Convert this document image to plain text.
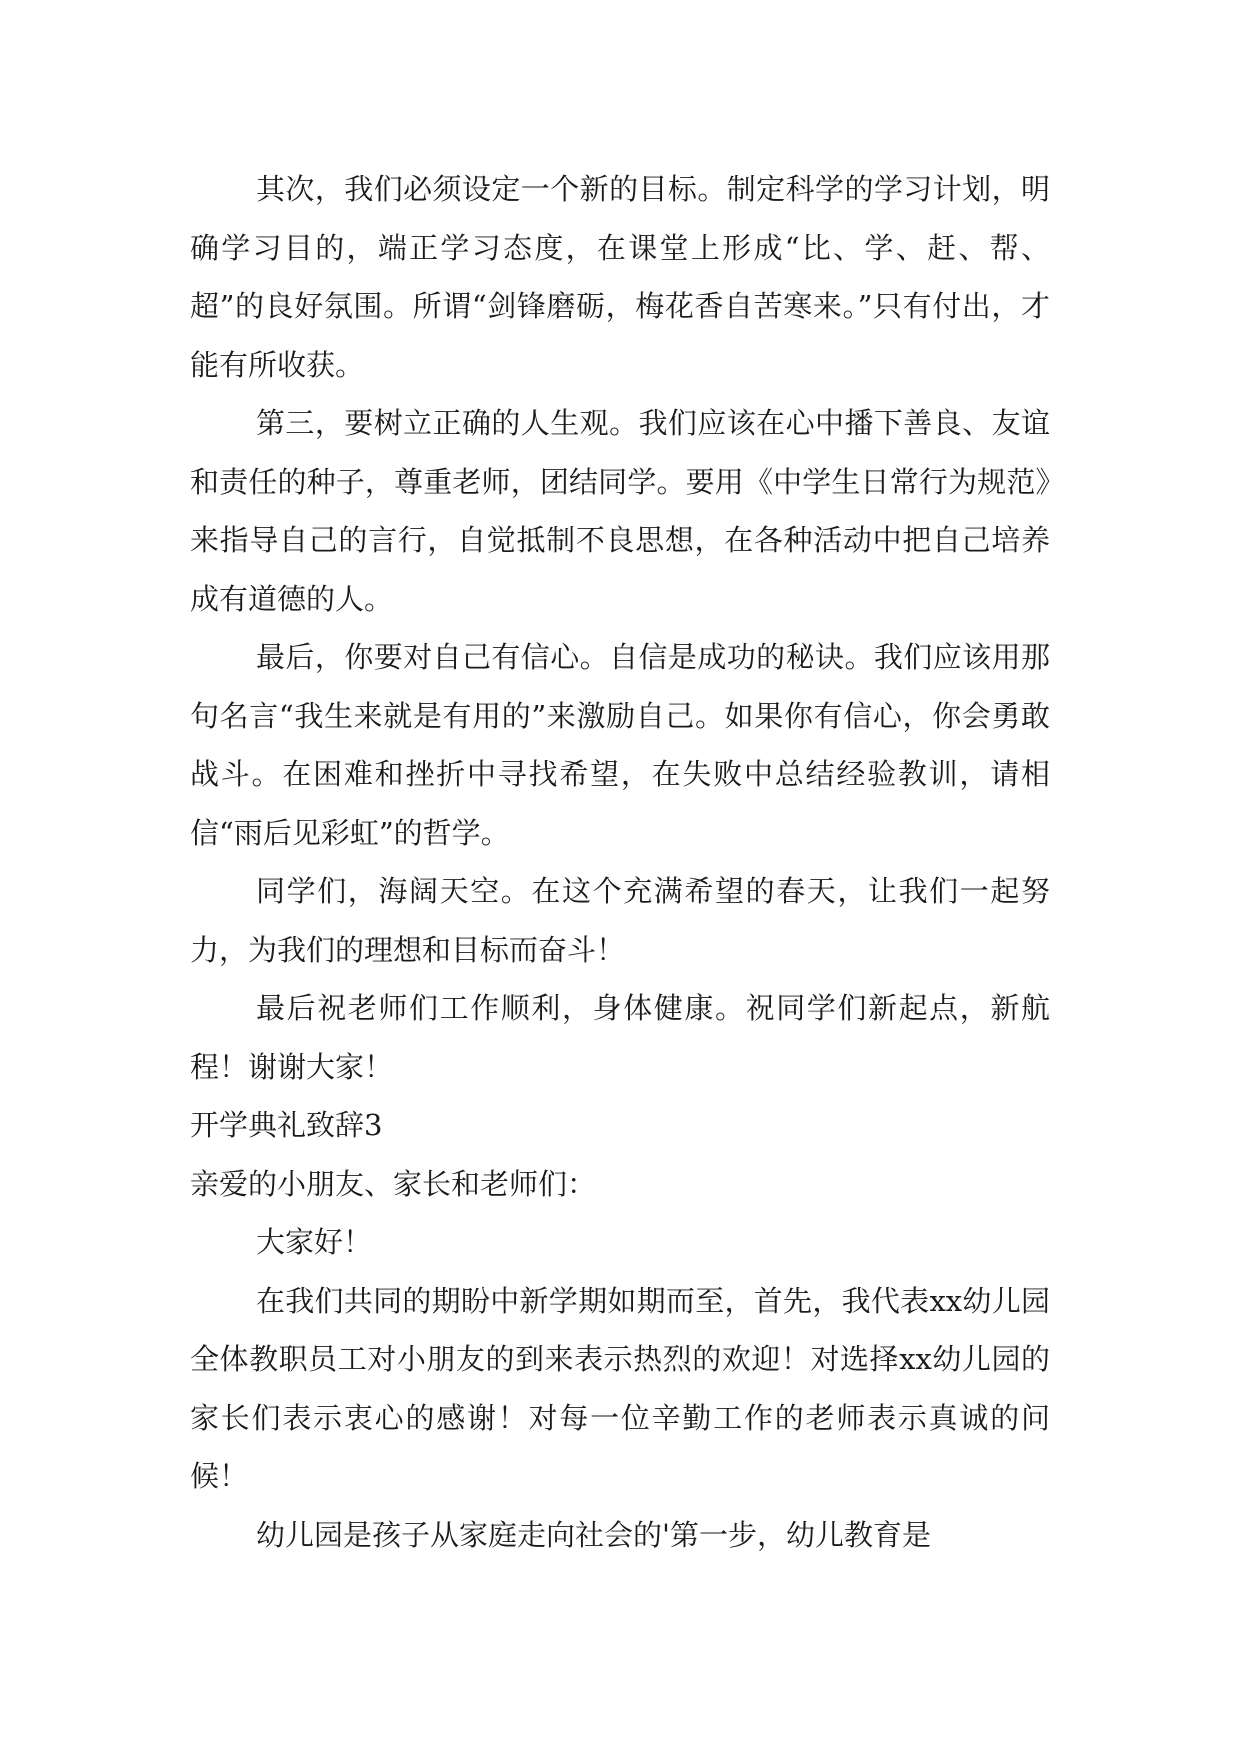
其次，我们必须设定一个新的目标。制定科学的学习计划，明确学习目的，端正学习态度，在课堂上形成“比、学、赶、帮、超”的良好氛围。所谓“剑锋磨砺，梅花香自苦寒来。”只有付出，才能有所收获。

第三，要树立正确的人生观。我们应该在心中播下善良、友谊和责任的种子，尊重老师，团结同学。要用《中学生日常行为规范》来指导自己的言行，自觉抵制不良思想，在各种活动中把自己培养成有道德的人。

最后，你要对自己有信心。自信是成功的秘诀。我们应该用那句名言“我生来就是有用的”来激励自己。如果你有信心，你会勇敢战斗。在困难和挫折中寻找希望，在失败中总结经验教训，请相信“雨后见彩虹”的哲学。

同学们，海阔天空。在这个充满希望的春天，让我们一起努力，为我们的理想和目标而奋斗！

最后祝老师们工作顺利，身体健康。祝同学们新起点，新航程！谢谢大家！

开学典礼致辞3

亲爱的小朋友、家长和老师们：

大家好！

在我们共同的期盼中新学期如期而至，首先，我代表xx幼儿园全体教职员工对小朋友的到来表示热烈的欢迎！对选择xx幼儿园的家长们表示衷心的感谢！对每一位辛勤工作的老师表示真诚的问候！

幼儿园是孩子从家庭走向社会的'第一步，幼儿教育是
